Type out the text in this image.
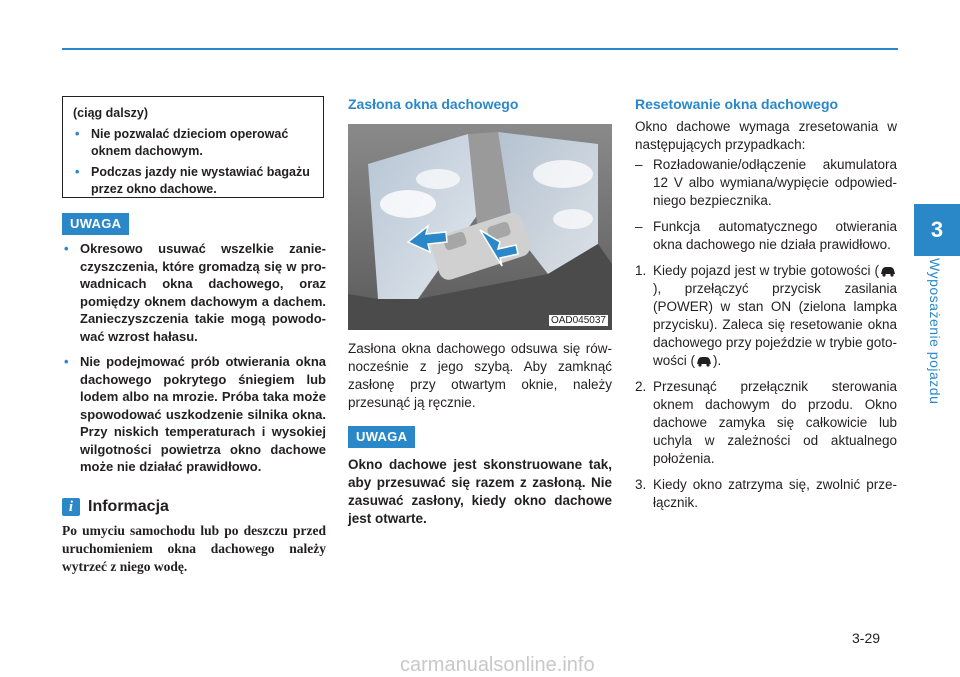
3
Wyposażenie pojazdu
(ciąg dalszy)
• Nie pozwalać dzieciom operować oknem dachowym.
• Podczas jazdy nie wystawiać bagażu przez okno dachowe.
UWAGA
• Okresowo usuwać wszelkie zanieczyszczenia, które gromadzą się w prowadnicach okna dachowego, oraz pomiędzy oknem dachowym a dachem. Zanieczyszczenia takie mogą powodować wzrost hałasu.
• Nie podejmować prób otwierania okna dachowego pokrytego śniegiem lub lodem albo na mrozie. Próba taka może spowodować uszkodzenie silnika okna. Przy niskich temperaturach i wysokiej wilgotności powietrza okno dachowe może nie działać prawidłowo.
i Informacja
Po umyciu samochodu lub po deszczu przed uruchomieniem okna dachowego należy wytrzeć z niego wodę.
Zasłona okna dachowego
OAD045037
Zasłona okna dachowego odsuwa się równocześnie z jego szybą. Aby zamknąć zasłonę przy otwartym oknie, należy przesunąć ją ręcznie.
UWAGA
Okno dachowe jest skonstruowane tak, aby przesuwać się razem z zasłoną. Nie zasuwać zasłony, kiedy okno dachowe jest otwarte.
Resetowanie okna dachowego
Okno dachowe wymaga zresetowania w następujących przypadkach:
– Rozładowanie/odłączenie akumulatora 12 V albo wymiana/wypięcie odpowiedniego bezpiecznika.
– Funkcja automatycznego otwierania okna dachowego nie działa prawidłowo.
1. Kiedy pojazd jest w trybie gotowości (), przełączyć przycisk zasilania (POWER) w stan ON (zielona lampka przycisku). Zaleca się resetowanie okna dachowego przy pojeździe w trybie gotowości ( ).
2. Przesunąć przełącznik sterowania oknem dachowym do przodu. Okno dachowe zamyka się całkowicie lub uchyla w zależności od aktualnego położenia.
3. Kiedy okno zatrzyma się, zwolnić przełącznik.
3-29
carmanualsonline.info
